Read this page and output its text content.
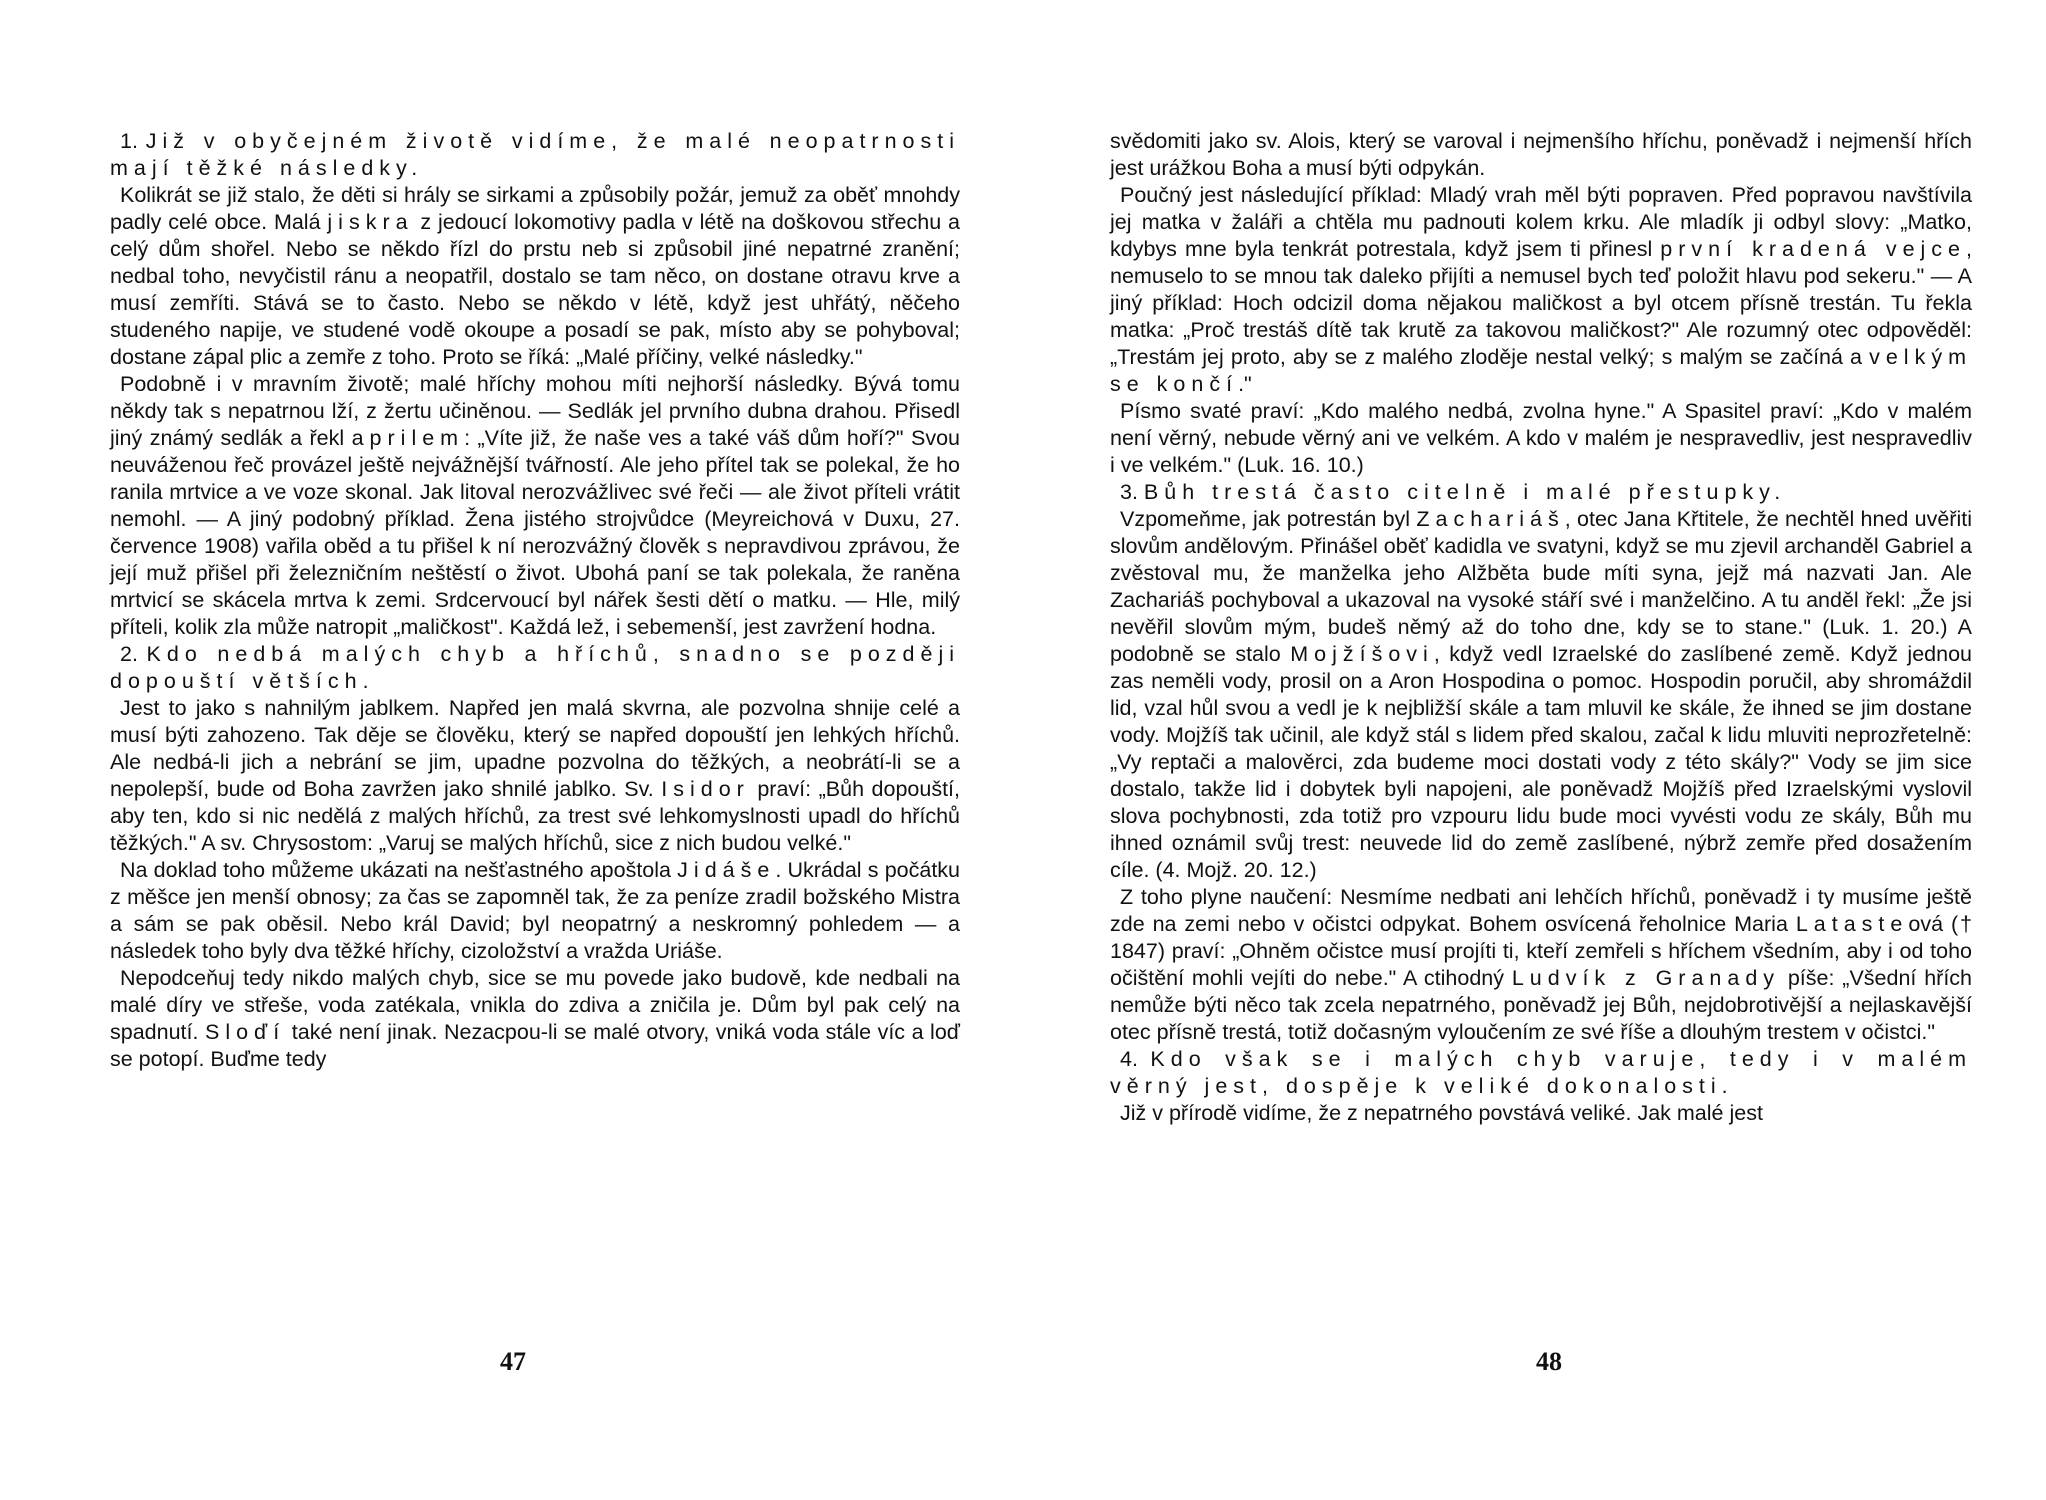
1. Již v obyčejném životě vidíme, že malé neopatrnosti mají těžké následky.

Kolikrát se již stalo, že děti si hrály se sirkami a způsobily požár, jemuž za oběť mnohdy padly celé obce. Malá jiskra z jedoucí lokomotivy padla v létě na doškovou střechu a celý dům shořel. Nebo se někdo řízl do prstu neb si způsobil jiné nepatrné zranění; nedbal toho, nevyčistil ránu a neopatřil, dostalo se tam něco, on dostane otravu krve a musí zemříti. Stává se to často. Nebo se někdo v létě, když jest uhřátý, něčeho studeného napije, ve studené vodě okoupe a posadí se pak, místo aby se pohyboval; dostane zápal plic a zemře z toho. Proto se říká: „Malé příčiny, velké následky."

Podobně i v mravním životě; malé hříchy mohou míti nejhorší následky. Bývá tomu někdy tak s nepatrnou lží, z žertu učiněnou. — Sedlák jel prvního dubna drahou. Přisedl jiný známý sedlák a řekl aprilem: „Víte již, že naše ves a také váš dům hoří?" Svou neuváženou řeč provázel ještě nejvážnější tvářností. Ale jeho přítel tak se polekal, že ho ranila mrtvice a ve voze skonal. Jak litoval nerozvážlivec své řeči — ale život příteli vrátit nemohl. — A jiný podobný příklad. Žena jistého strojvůdce (Meyreichová v Duxu, 27. července 1908) vařila oběd a tu přišel k ní nerozvážný člověk s nepravdivou zprávou, že její muž přišel při železničním neštěstí o život. Ubohá paní se tak polekala, že raněna mrtvicí se skácela mrtva k zemi. Srdcervoucí byl nářek šesti dětí o matku. — Hle, milý příteli, kolik zla může natropit „maličkost". Každá lež, i sebemenší, jest zavržení hodna.

2. Kdo nedbá malých chyb a hříchů, snadno se později dopouští větších.

Jest to jako s nahnilým jablkem. Napřed jen malá skvrna, ale pozvolna shnije celé a musí býti zahozeno. Tak děje se člověku, který se napřed dopouští jen lehkých hříchů. Ale nedbá-li jich a nebrání se jim, upadne pozvolna do těžkých, a neobrátí-li se a nepolepší, bude od Boha zavržen jako shnilé jablko. Sv. Isidor praví: „Bůh dopouští, aby ten, kdo si nic nedělá z malých hříchů, za trest své lehkomyslnosti upadl do hříchů těžkých." A sv. Chrysostom: „Varuj se malých hříchů, sice z nich budou velké."

Na doklad toho můžeme ukázati na nešťastného apoštola Jidáše. Ukrádal s počátku z měšce jen menší obnosy; za čas se zapomněl tak, že za peníze zradil božského Mistra a sám se pak oběsil. Nebo král David; byl neopatrný a neskromný pohledem — a následek toho byly dva těžké hříchy, cizoložství a vražda Uriáše.

Nepodceňuj tedy nikdo malých chyb, sice se mu povede jako budově, kde nedbali na malé díry ve střeše, voda zatékala, vnikla do zdiva a zničila je. Dům byl pak celý na spadnutí. Sloďí také není jinak. Nezacpou-li se malé otvory, vniká voda stále víc a loď se potopí. Buďme tedy

47

svědomiti jako sv. Alois, který se varoval i nejmenšího hříchu, poněvadž i nejmenší hřích jest urážkou Boha a musí býti odpykán.

Poučný jest následující příklad: Mladý vrah měl býti popraven. Před popravou navštívila jej matka v žaláři a chtěla mu padnouti kolem krku. Ale mladík ji odbyl slovy: „Matko, kdybys mne byla tenkrát potrestala, když jsem ti přinesl první kradená vejce, nemuselo to se mnou tak daleko přijíti a nemusel bych teď položit hlavu pod sekeru." — A jiný příklad: Hoch odcizil doma nějakou maličkost a byl otcem přísně trestán. Tu řekla matka: „Proč trestáš dítě tak krutě za takovou maličkost?" Ale rozumný otec odpověděl: „Trestám jej proto, aby se z malého zloděje nestal velký; s malým se začíná a velkým se končí."

Písmo svaté praví: „Kdo malého nedbá, zvolna hyne." A Spasitel praví: „Kdo v malém není věrný, nebude věrný ani ve velkém. A kdo v malém je nespravedliv, jest nespravedliv i ve velkém." (Luk. 16. 10.)

3. Bůh trestá často citelně i malé přestupky.

Vzpomeňme, jak potrestán byl Zachariáš, otec Jana Křtitele, že nechtěl hned uvěřiti slovům andělovým. Přinášel oběť kadidla ve svatyni, když se mu zjevil archanděl Gabriel a zvěstoval mu, že manželka jeho Alžběta bude míti syna, jejž má nazvati Jan. Ale Zachariáš pochyboval a ukazoval na vysoké stáří své i manželčino. A tu anděl řekl: „Že jsi nevěřil slovům mým, budeš němý až do toho dne, kdy se to stane." (Luk. 1. 20.) A podobně se stalo Mojžíšovi, když vedl Izraelské do zaslíbené země. Když jednou zas neměli vody, prosil on a Aron Hospodina o pomoc. Hospodin poručil, aby shromáždil lid, vzal hůl svou a vedl je k nejbližší skále a tam mluvil ke skále, že ihned se jim dostane vody. Mojžíš tak učinil, ale když stál s lidem před skalou, začal k lidu mluviti neprozřetelně: „Vy reptači a malověrci, zda budeme moci dostati vody z této skály?" Vody se jim sice dostalo, takže lid i dobytek byli napojeni, ale poněvadž Mojžíš před Izraelskými vyslovil slova pochybnosti, zda totiž pro vzpouru lidu bude moci vyvésti vodu ze skály, Bůh mu ihned oznámil svůj trest: neuvede lid do země zaslíbené, nýbrž zemře před dosažením cíle. (4. Mojž. 20. 12.)

Z toho plyne naučení: Nesmíme nedbati ani lehčích hříchů, poněvadž i ty musíme ještě zde na zemi nebo v očistci odpykat. Bohem osvícená řeholnice Maria Latasteová († 1847) praví: „Ohněm očistce musí projíti ti, kteří zemřeli s hříchem všedním, aby i od toho očištění mohli vejíti do nebe." A ctihodný Ludvík z Granady píše: „Všední hřích nemůže býti něco tak zcela nepatrného, poněvadž jej Bůh, nejdobrotivější a nejlaskavější otec přísně trestá, totiž dočasným vyloučením ze své říše a dlouhým trestem v očistci."

4. Kdo však se i malých chyb varuje, tedy i v malém věrný jest, dospěje k veliké dokonalosti.

Již v přírodě vidíme, že z nepatrného povstává veliké. Jak malé jest

48
